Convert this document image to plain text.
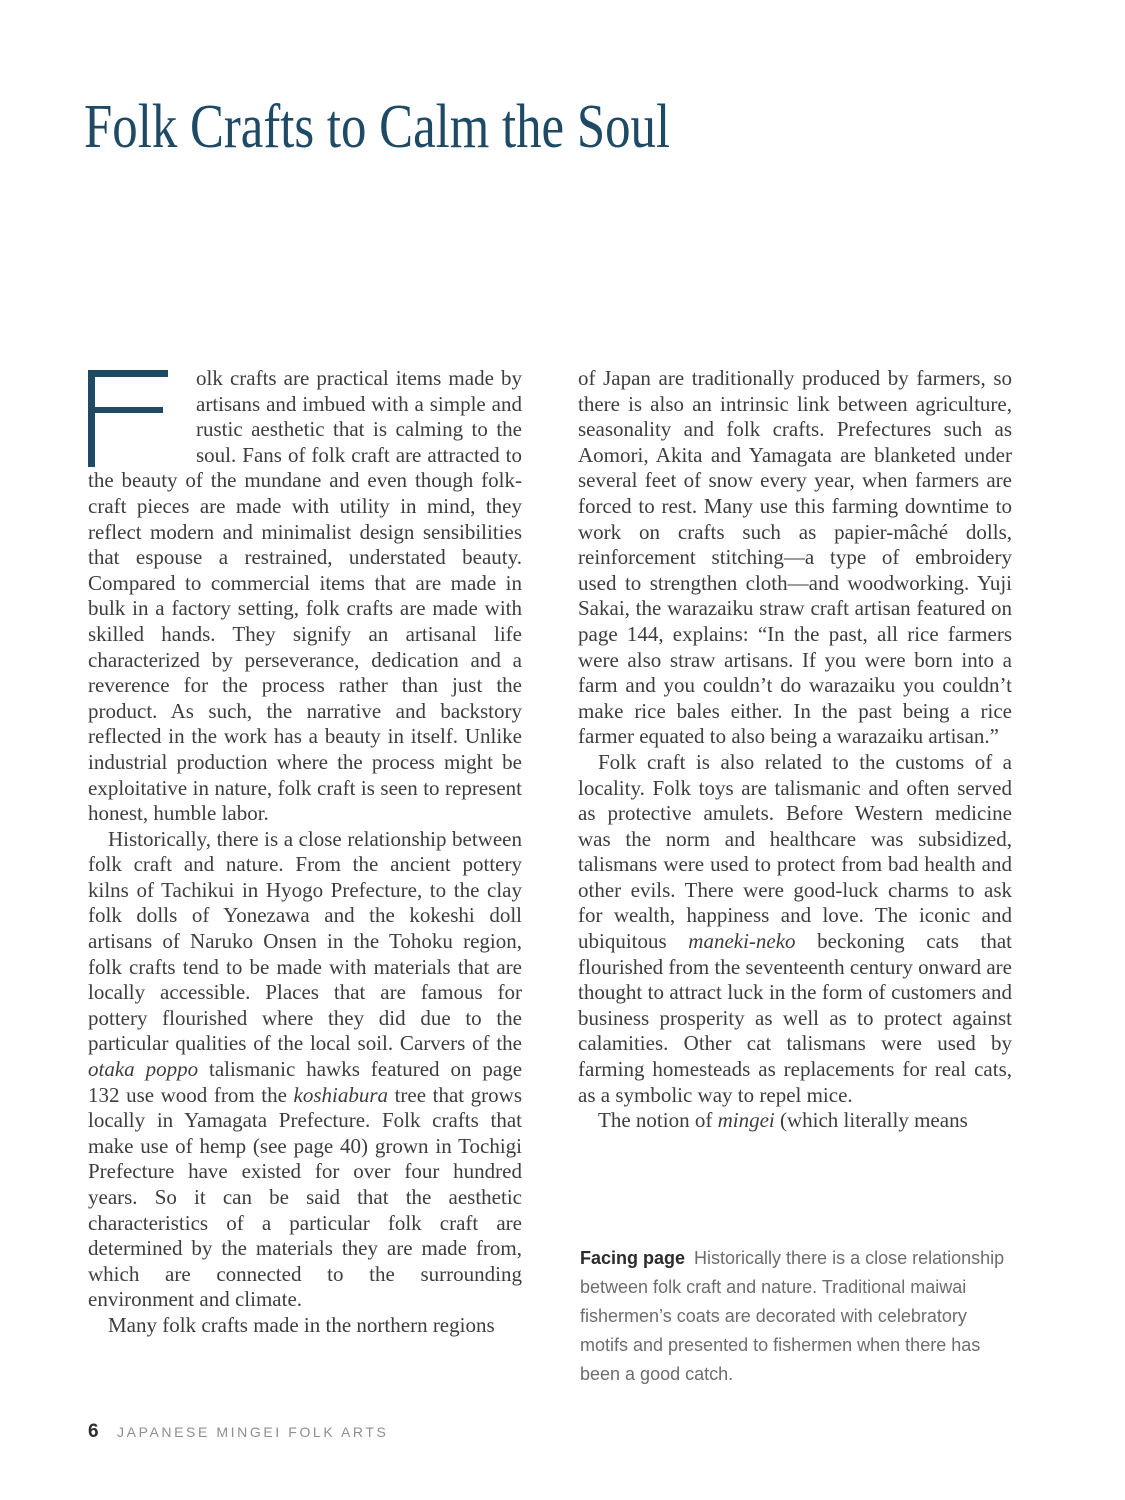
Folk Crafts to Calm the Soul

olk crafts are practical items made by artisans and imbued with a simple and rustic aesthetic that is calming to the soul. Fans of folk craft are attracted to the beauty of the mundane and even though folk-craft pieces are made with utility in mind, they reflect modern and minimalist design sensibilities that espouse a restrained, understated beauty. Compared to commercial items that are made in bulk in a factory setting, folk crafts are made with skilled hands. They signify an artisanal life characterized by perseverance, dedication and a reverence for the process rather than just the product. As such, the narrative and backstory reflected in the work has a beauty in itself. Unlike industrial production where the process might be exploitative in nature, folk craft is seen to represent honest, humble labor.

Historically, there is a close relationship between folk craft and nature. From the ancient pottery kilns of Tachikui in Hyogo Prefecture, to the clay folk dolls of Yonezawa and the kokeshi doll artisans of Naruko Onsen in the Tohoku region, folk crafts tend to be made with materials that are locally accessible. Places that are famous for pottery flourished where they did due to the particular qualities of the local soil. Carvers of the otaka poppo talismanic hawks featured on page 132 use wood from the koshiabura tree that grows locally in Yamagata Prefecture. Folk crafts that make use of hemp (see page 40) grown in Tochigi Prefecture have existed for over four hundred years. So it can be said that the aesthetic characteristics of a particular folk craft are determined by the materials they are made from, which are connected to the surrounding environment and climate.

Many folk crafts made in the northern regions

of Japan are traditionally produced by farmers, so there is also an intrinsic link between agriculture, seasonality and folk crafts. Prefectures such as Aomori, Akita and Yamagata are blanketed under several feet of snow every year, when farmers are forced to rest. Many use this farming downtime to work on crafts such as papier-mâché dolls, reinforcement stitching—a type of embroidery used to strengthen cloth—and woodworking. Yuji Sakai, the warazaiku straw craft artisan featured on page 144, explains: “In the past, all rice farmers were also straw artisans. If you were born into a farm and you couldn’t do warazaiku you couldn’t make rice bales either. In the past being a rice farmer equated to also being a warazaiku artisan.”

Folk craft is also related to the customs of a locality. Folk toys are talismanic and often served as protective amulets. Before Western medicine was the norm and healthcare was subsidized, talismans were used to protect from bad health and other evils. There were good-luck charms to ask for wealth, happiness and love. The iconic and ubiquitous maneki-neko beckoning cats that flourished from the seventeenth century onward are thought to attract luck in the form of customers and business prosperity as well as to protect against calamities. Other cat talismans were used by farming homesteads as replacements for real cats, as a symbolic way to repel mice.

The notion of mingei (which literally means

Facing page Historically there is a close relationship between folk craft and nature. Traditional maiwai fishermen’s coats are decorated with celebratory motifs and presented to fishermen when there has been a good catch.

6 JAPANESE MINGEI FOLK ARTS
